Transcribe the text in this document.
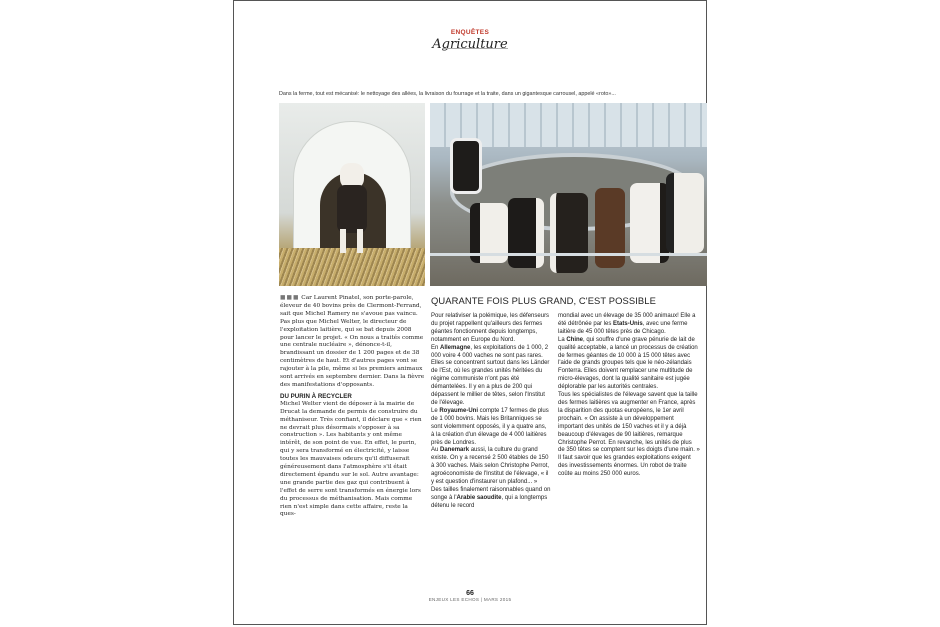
ENQUÊTES
Agriculture
Dans la ferme, tout est mécanisé: le nettoyage des allées, la livraison du fourrage et la traite, dans un gigantesque carrousel, appelé «roto»...
■■■ Car Laurent Pinatel, son porte-parole, éleveur de 40 bovins près de Clermont-Ferrand, sait que Michel Ramery ne s'avoue pas vaincu. Pas plus que Michel Welter, le directeur de l'exploitation laitière, qui se bat depuis 2008 pour lancer le projet. « On nous a traités comme une centrale nucléaire », dénonce-t-il, brandissant un dossier de 1 200 pages et de 38 centimètres de haut. Et d'autres pages vont se rajouter à la pile, même si les premiers animaux sont arrivés en septembre dernier. Dans la fièvre des manifestations d'opposants.
DU PURIN À RECYCLER
Michel Welter vient de déposer à la mairie de Drucat la demande de permis de construire du méthaniseur. Très confiant, il déclare que « rien ne devrait plus désormais s'opposer à sa construction ». Les habitants y ont même intérêt, de son point de vue. En effet, le purin, qui y sera transformé en électricité, y laisse toutes les mauvaises odeurs qu'il diffuserait généreusement dans l'atmosphère s'il était directement épandu sur le sol. Autre avantage: une grande partie des gaz qui contribuent à l'effet de serre sont transformés en énergie lors du processus de méthanisation. Mais comme rien n'est simple dans cette affaire, reste la ques-
QUARANTE FOIS PLUS GRAND, C'EST POSSIBLE
Pour relativiser la polémique, les défenseurs du projet rappellent qu'ailleurs des fermes géantes fonctionnent depuis longtemps, notamment en Europe du Nord.
En Allemagne, les exploitations de 1 000, 2 000 voire 4 000 vaches ne sont pas rares. Elles se concentrent surtout dans les Länder de l'Est, où les grandes unités héritées du régime communiste n'ont pas été démantelées. Il y en a plus de 200 qui dépassent le millier de têtes, selon l'Institut de l'élevage.
Le Royaume-Uni compte 17 fermes de plus de 1 000 bovins. Mais les Britanniques se sont violemment opposés, il y a quatre ans, à la création d'un élevage de 4 000 laitières près de Londres.
Au Danemark aussi, la culture du grand existe. On y a recensé 2 500 étables de 150 à 300 vaches. Mais selon Christophe Perrot, agroéconomiste de l'Institut de l'élevage, « il y est question d'instaurer un plafond... »
Des tailles finalement raisonnables quand on songe à l'Arabie saoudite, qui a longtemps détenu le record
mondial avec un élevage de 35 000 animaux! Elle a été détrônée par les Etats-Unis, avec une ferme laitière de 45 000 têtes près de Chicago.
La Chine, qui souffre d'une grave pénurie de lait de qualité acceptable, a lancé un processus de création de fermes géantes de 10 000 à 15 000 têtes avec l'aide de grands groupes tels que le néo-zélandais Fonterra. Elles doivent remplacer une multitude de micro-élevages, dont la qualité sanitaire est jugée déplorable par les autorités centrales.
Tous les spécialistes de l'élevage savent que la taille des fermes laitières va augmenter en France, après la disparition des quotas européens, le 1er avril prochain. « On assiste à un développement important des unités de 150 vaches et il y a déjà beaucoup d'élevages de 90 laitières, remarque Christophe Perrot. En revanche, les unités de plus de 350 têtes se comptent sur les doigts d'une main. » Il faut savoir que les grandes exploitations exigent des investissements énormes. Un robot de traite coûte au moins 250 000 euros.
66
ENJEUX LES ECHOS | MARS 2015
